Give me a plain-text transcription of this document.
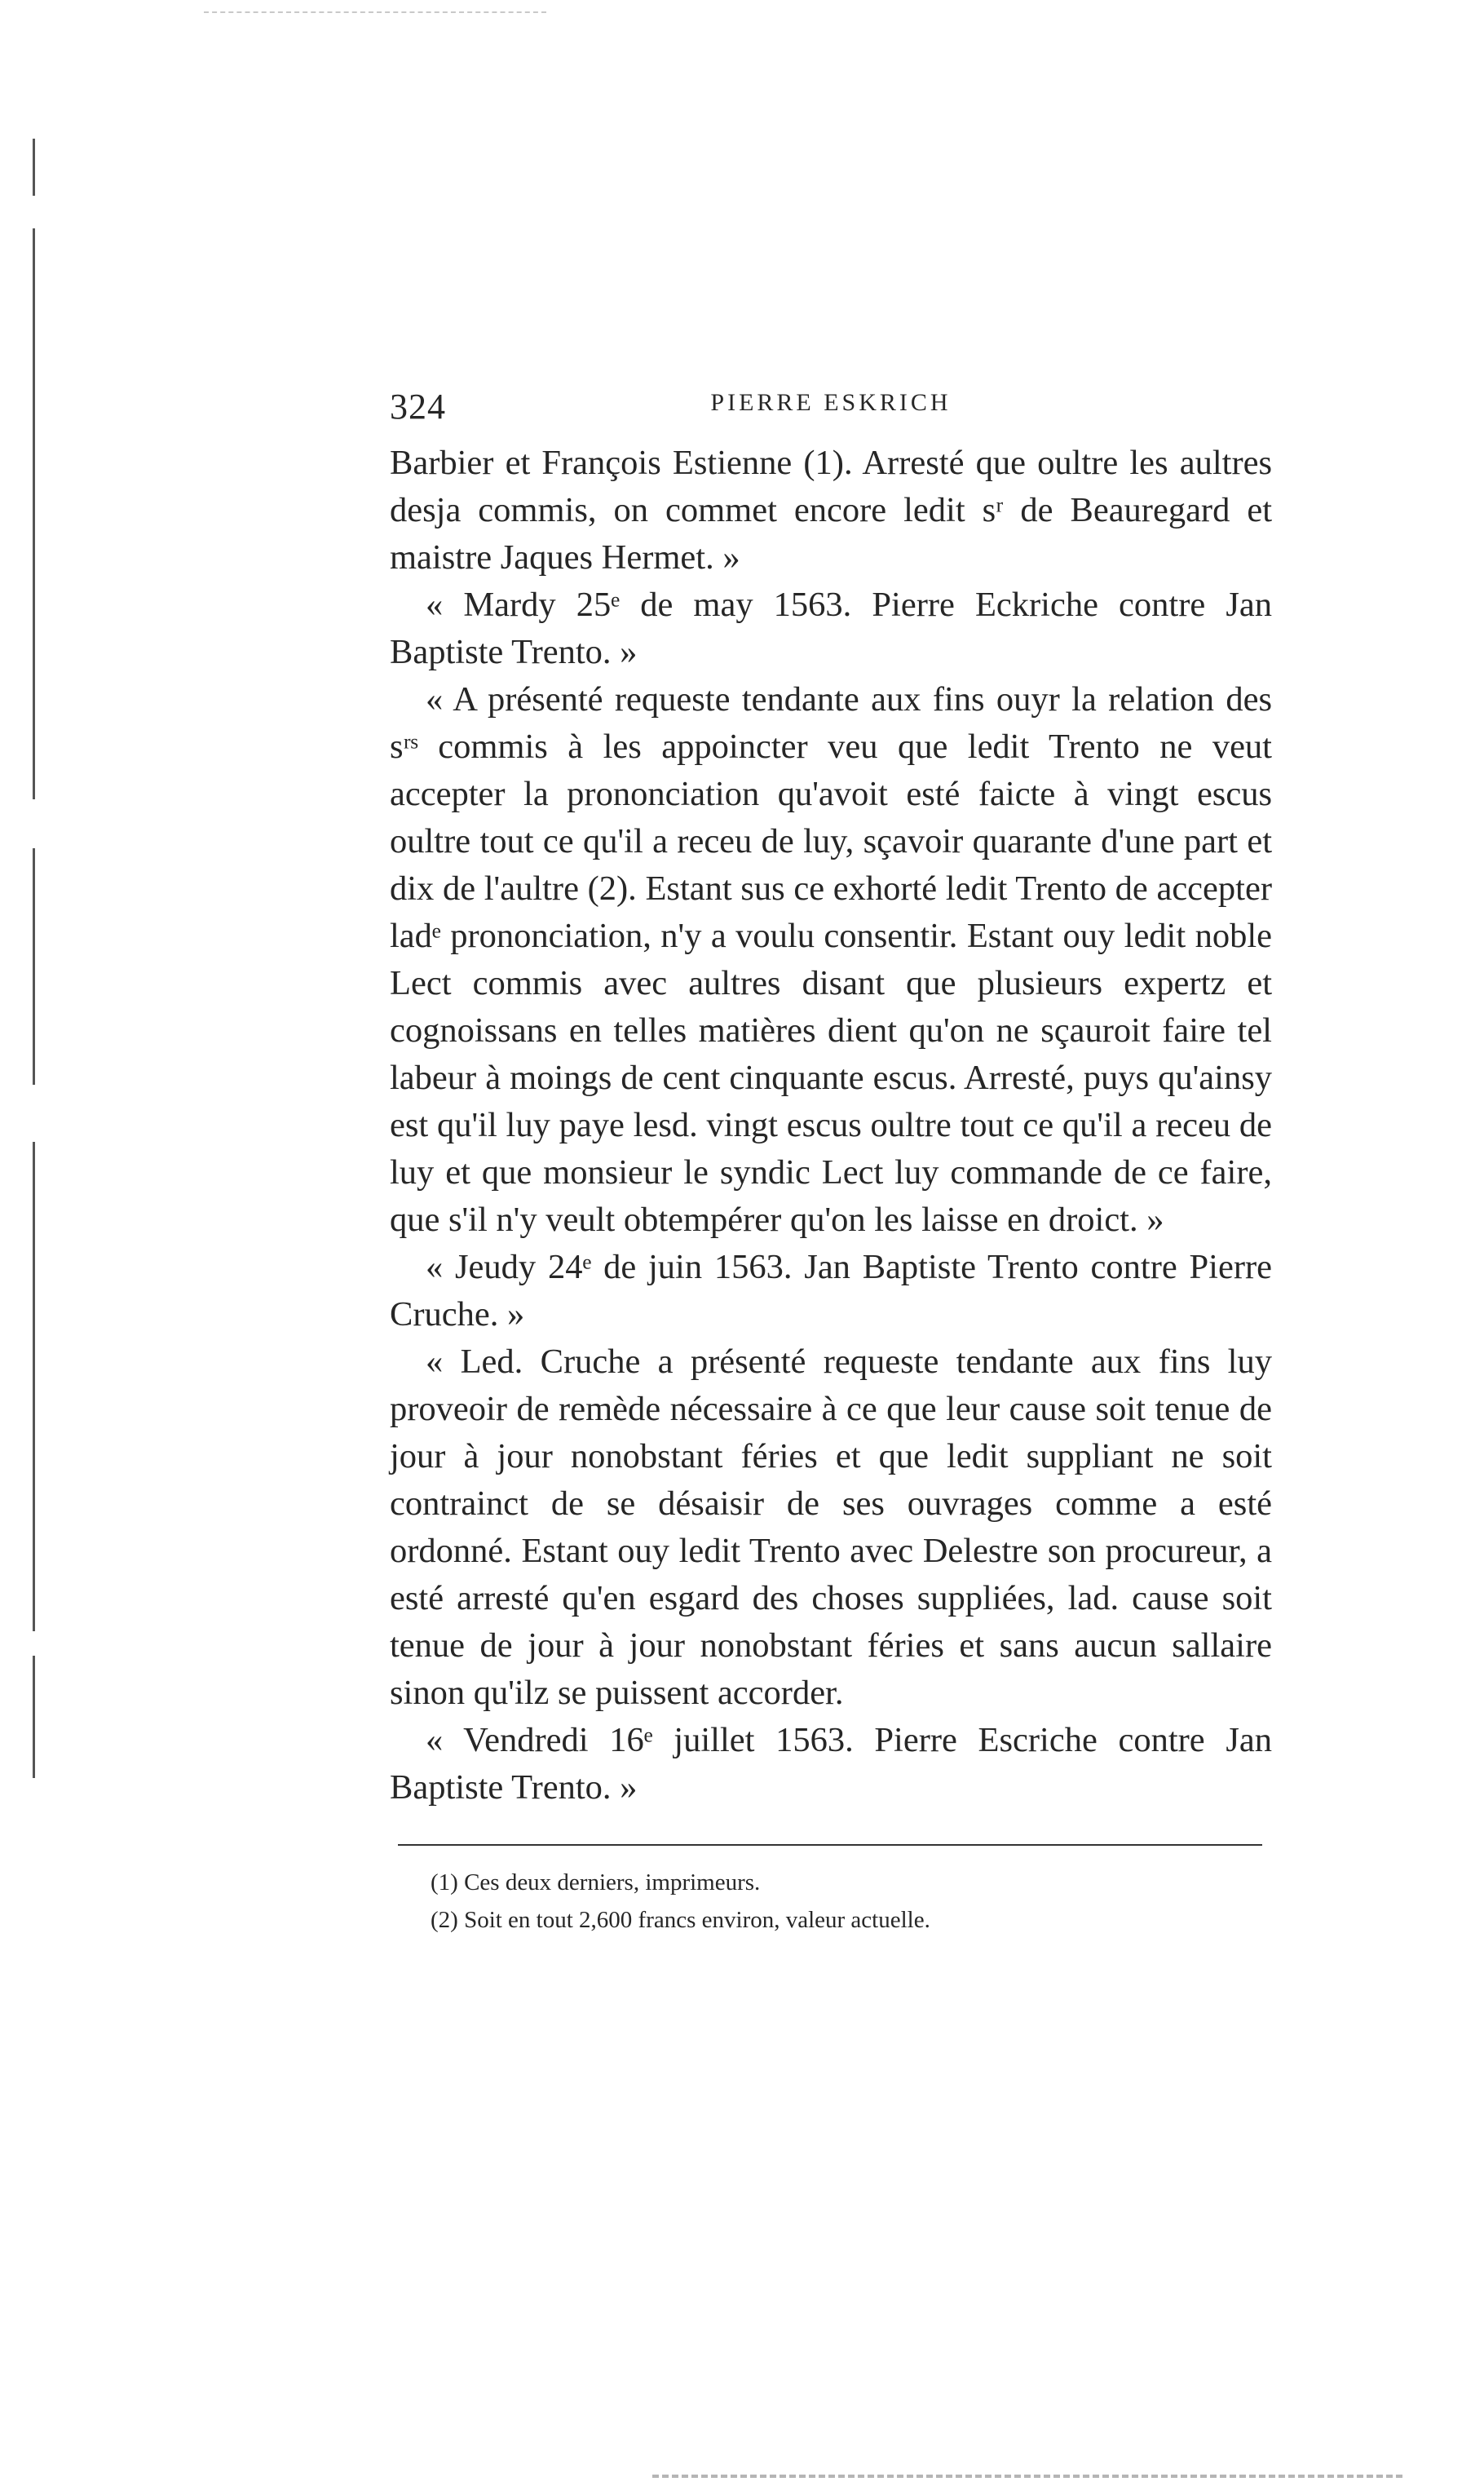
324	PIERRE ESKRICH

Barbier et François Estienne (1). Arresté que oultre les aultres desja commis, on commet encore ledit sʳ de Beauregard et maistre Jaques Hermet. »

« Mardy 25ᵉ de may 1563. Pierre Eckriche contre Jan Baptiste Trento. »

« A présenté requeste tendante aux fins ouyr la relation des sʳˢ commis à les appoincter veu que ledit Trento ne veut accepter la prononciation qu'avoit esté faicte à vingt escus oultre tout ce qu'il a receu de luy, sçavoir quarante d'une part et dix de l'aultre (2). Estant sus ce exhorté ledit Trento de accepter ladᵉ prononciation, n'y a voulu consentir. Estant ouy ledit noble Lect commis avec aultres disant que plusieurs expertz et cognoissans en telles matières dient qu'on ne sçauroit faire tel labeur à moings de cent cinquante escus. Arresté, puys qu'ainsy est qu'il luy paye lesd. vingt escus oultre tout ce qu'il a receu de luy et que monsieur le syndic Lect luy commande de ce faire, que s'il n'y veult obtempérer qu'on les laisse en droict. »

« Jeudy 24ᵉ de juin 1563. Jan Baptiste Trento contre Pierre Cruche. »

« Led. Cruche a présenté requeste tendante aux fins luy proveoir de remède nécessaire à ce que leur cause soit tenue de jour à jour nonobstant féries et que ledit suppliant ne soit contrainct de se désaisir de ses ouvrages comme a esté ordonné. Estant ouy ledit Trento avec Delestre son procureur, a esté arresté qu'en esgard des choses suppliées, lad. cause soit tenue de jour à jour nonobstant féries et sans aucun sallaire sinon qu'ilz se puissent accorder.

« Vendredi 16ᵉ juillet 1563. Pierre Escriche contre Jan Baptiste Trento. »

(1) Ces deux derniers, imprimeurs.

(2) Soit en tout 2,600 francs environ, valeur actuelle.
